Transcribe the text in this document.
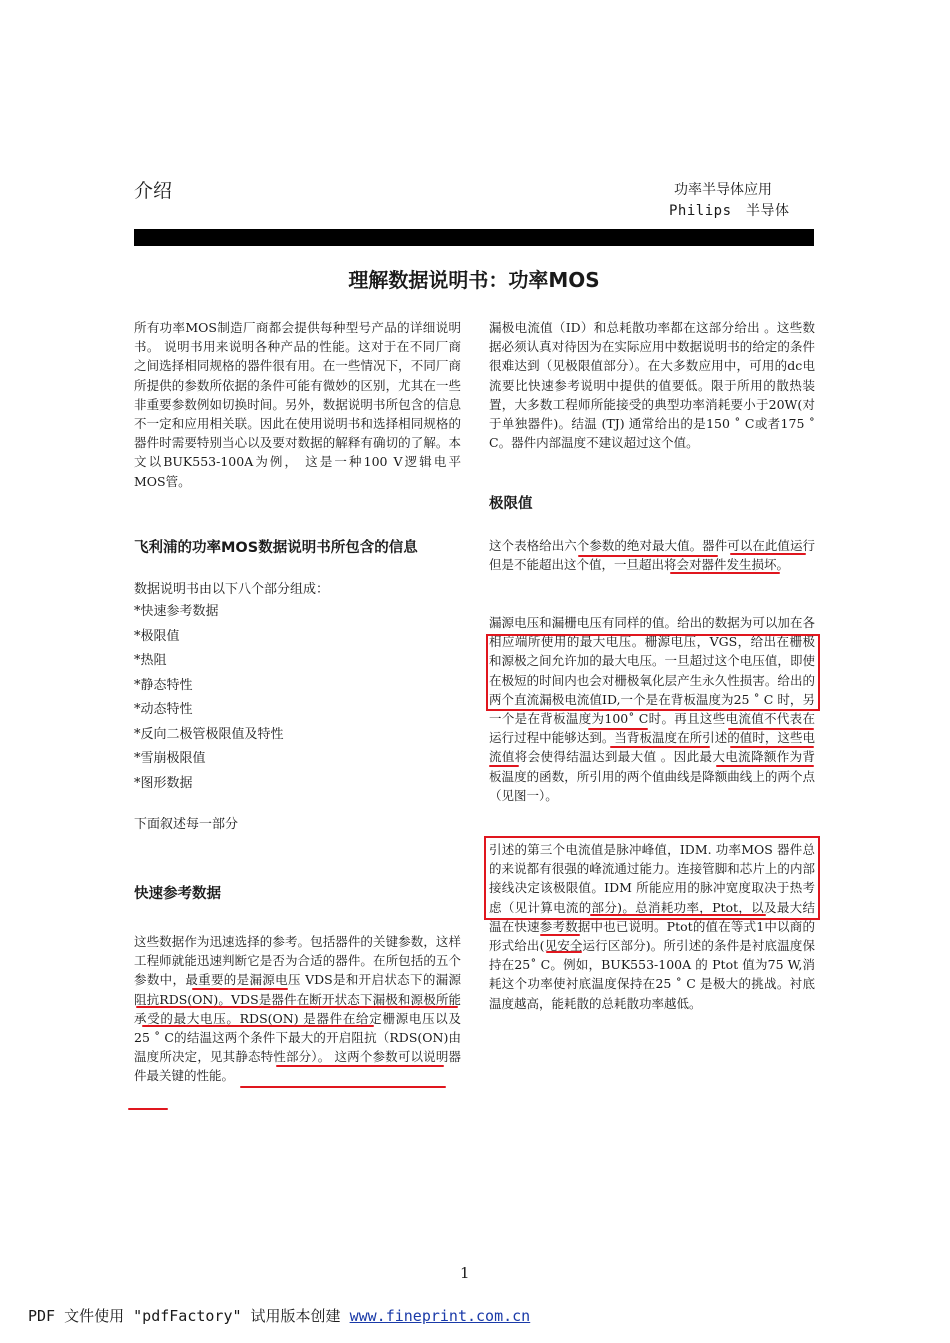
介绍	功率半导体应用
Philips　半导体
理解数据说明书：功率MOS

所有功率MOS制造厂商都会提供每种型号产品的详细说明书。 说明书用来说明各种产品的性能。这对于在不同厂商之间选择相同规格的器件很有用。在一些情况下，不同厂商所提供的参数所依据的条件可能有微妙的区别，尤其在一些非重要参数例如切换时间。另外，数据说明书所包含的信息不一定和应用相关联。因此在使用说明书和选择相同规格的器件时需要特别当心以及要对数据的解释有确切的了解。本文以BUK553-100A为例， 这是一种100 V逻辑电平 MOS管。

飞利浦的功率MOS数据说明书所包含的信息
数据说明书由以下八个部分组成：
*快速参考数据
*极限值
*热阻
*静态特性
*动态特性
*反向二极管极限值及特性
*雪崩极限值
*图形数据
下面叙述每一部分
快速参考数据

这些数据作为迅速选择的参考。包括器件的关键参数，这样工程师就能迅速判断它是否为合适的器件。在所包括的五个参数中，最重要的是漏源电压 VDS是和开启状态下的漏源阻抗RDS(ON)。VDS是器件在断开状态下漏极和源极所能承受的最大电压。RDS(ON) 是器件在给定栅源电压以及25 ˚ C的结温这两个条件下最大的开启阻抗（RDS(ON)由温度所决定，见其静态特性部分）。 这两个参数可以说明器件最关键的性能。

漏极电流值（ID）和总耗散功率都在这部分给出 。这些数据必须认真对待因为在实际应用中数据说明书的给定的条件很难达到（见极限值部分）。在大多数应用中，可用的dc电流要比快速参考说明中提供的值要低。限于所用的散热装置，大多数工程师所能接受的典型功率消耗要小于20W(对于单独器件)。结温 (TJ) 通常给出的是150 ˚ C或者175 ˚ C。器件内部温度不建议超过这个值。

极限值

这个表格给出六个参数的绝对最大值。器件可以在此值运行但是不能超出这个值，一旦超出将会对器件发生损坏。

漏源电压和漏栅电压有同样的值。给出的数据为可以加在各相应端所使用的最大电压。栅源电压，VGS，给出在栅极和源极之间允许加的最大电压。一旦超过这个电压值，即使在极短的时间内也会对栅极氧化层产生永久性损害。给出的两个直流漏极电流值ID,一个是在背板温度为25 ˚ C 时，另一个是在背板温度为100˚ C时。再且这些电流值不代表在运行过程中能够达到。当背板温度在所引述的值时，这些电流值将会使得结温达到最大值 。因此最大电流降额作为背板温度的函数，所引用的两个值曲线是降额曲线上的两个点（见图一）。

引述的第三个电流值是脉冲峰值，IDM. 功率MOS 器件总的来说都有很强的峰流通过能力。连接管脚和芯片上的内部接线决定该极限值。IDM 所能应用的脉冲宽度取决于热考虑（见计算电流的部分)。总消耗功率，Ptot，以及最大结温在快速参考数据中也已说明。Ptot的值在等式1中以商的形式给出(见安全运行区部分)。所引述的条件是衬底温度保持在25˚ C。例如，BUK553-100A 的 Ptot 值为75 W,消耗这个功率使衬底温度保持在25 ˚ C 是极大的挑战。衬底温度越高，能耗散的总耗散功率越低。

1
PDF 文件使用 "pdfFactory" 试用版本创建 www.fineprint.com.cn
